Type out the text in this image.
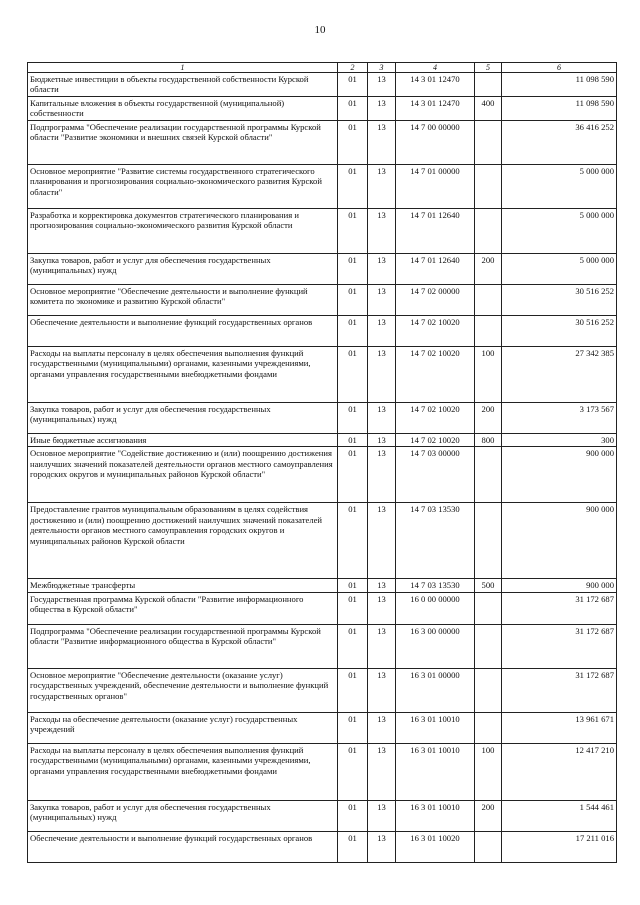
10
1	2	3	4	5	6
Бюджетные инвестиции в объекты государственной собственности Курской области	01	13	14 3 01 12470		11 098 590
Капитальные вложения в объекты государственной (муниципальной) собственности	01	13	14 3 01 12470	400	11 098 590
Подпрограмма "Обеспечение реализации государственной программы Курской области "Развитие экономики и внешних связей Курской области"	01	13	14 7 00 00000		36 416 252
Основное мероприятие "Развитие системы государственного стратегического планирования и прогнозирования социально-экономического развития Курской области"	01	13	14 7 01 00000		5 000 000
Разработка и корректировка документов стратегического планирования и прогнозирования социально-экономического развития Курской области	01	13	14 7 01 12640		5 000 000
Закупка товаров, работ и услуг для обеспечения государственных (муниципальных) нужд	01	13	14 7 01 12640	200	5 000 000
Основное мероприятие "Обеспечение деятельности и выполнение функций комитета по экономике и развитию Курской области"	01	13	14 7 02 00000		30 516 252
Обеспечение деятельности и выполнение функций государственных органов	01	13	14 7 02 10020		30 516 252
Расходы на выплаты персоналу в целях обеспечения выполнения функций государственными (муниципальными) органами, казенными учреждениями, органами управления государственными внебюджетными фондами	01	13	14 7 02 10020	100	27 342 385
Закупка товаров, работ и услуг для обеспечения государственных (муниципальных) нужд	01	13	14 7 02 10020	200	3 173 567
Иные бюджетные ассигнования	01	13	14 7 02 10020	800	300
Основное мероприятие "Содействие достижению и (или) поощрению достижения наилучших значений показателей деятельности органов местного самоуправления городских округов и муниципальных районов Курской области"	01	13	14 7 03 00000		900 000
Предоставление грантов муниципальным образованиям в целях содействия достижению и (или) поощрению достижений наилучших значений показателей деятельности органов местного самоуправления городских округов и муниципальных районов Курской области	01	13	14 7 03 13530		900 000
Межбюджетные трансферты	01	13	14 7 03 13530	500	900 000
Государственная программа Курской области "Развитие информационного общества в Курской области"	01	13	16 0 00 00000		31 172 687
Подпрограмма "Обеспечение реализации государственной программы Курской области "Развитие информационного общества в Курской области"	01	13	16 3 00 00000		31 172 687
Основное мероприятие "Обеспечение деятельности (оказание услуг) государственных учреждений, обеспечение деятельности и выполнение функций государственных органов"	01	13	16 3 01 00000		31 172 687
Расходы на обеспечение деятельности (оказание услуг) государственных учреждений	01	13	16 3 01 10010		13 961 671
Расходы на выплаты персоналу в целях обеспечения выполнения функций государственными (муниципальными) органами, казенными учреждениями, органами управления государственными внебюджетными фондами	01	13	16 3 01 10010	100	12 417 210
Закупка товаров, работ и услуг для обеспечения государственных (муниципальных) нужд	01	13	16 3 01 10010	200	1 544 461
Обеспечение деятельности и выполнение функций государственных органов	01	13	16 3 01 10020		17 211 016
